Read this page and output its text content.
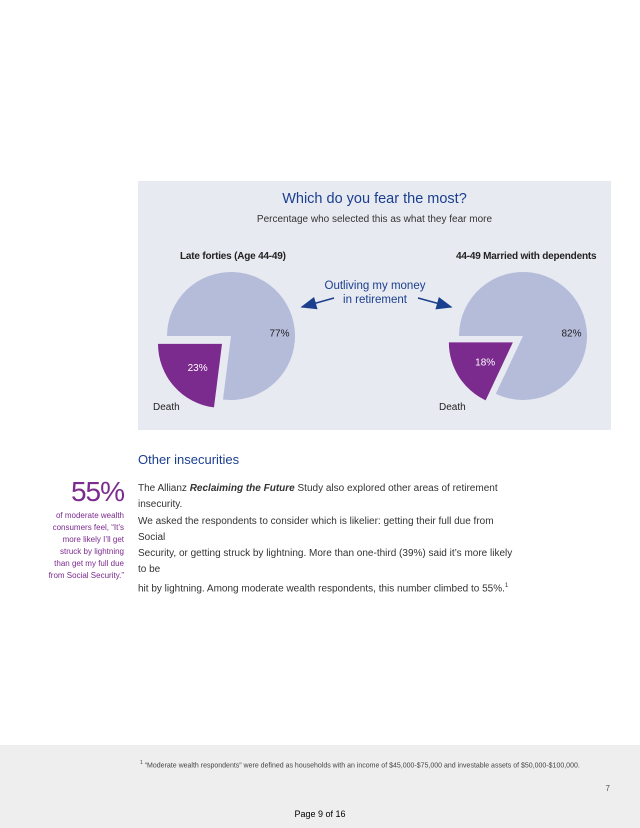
Which do you fear the most?
Percentage who selected this as what they fear more
Late forties (Age 44-49)	44-49 Married with dependents
Outliving my money
in retirement
77%
23%
Death
82%
18%
Death
Other insecurities
The Allianz Reclaiming the Future Study also explored other areas of retirement insecurity.
We asked the respondents to consider which is likelier: getting their full due from Social
Security, or getting struck by lightning. More than one-third (39%) said it’s more likely to be
hit by lightning. Among moderate wealth respondents, this number climbed to 55%.$^1$
55%
of moderate wealth
consumers feel, “It’s
more likely I’ll get
struck by lightning
than get my full due
from Social Security.”
$^1$ “Moderate wealth respondents” were defined as households with an income of $45,000-$75,000 and investable assets of $50,000-$100,000.
7
Page 9 of 16
